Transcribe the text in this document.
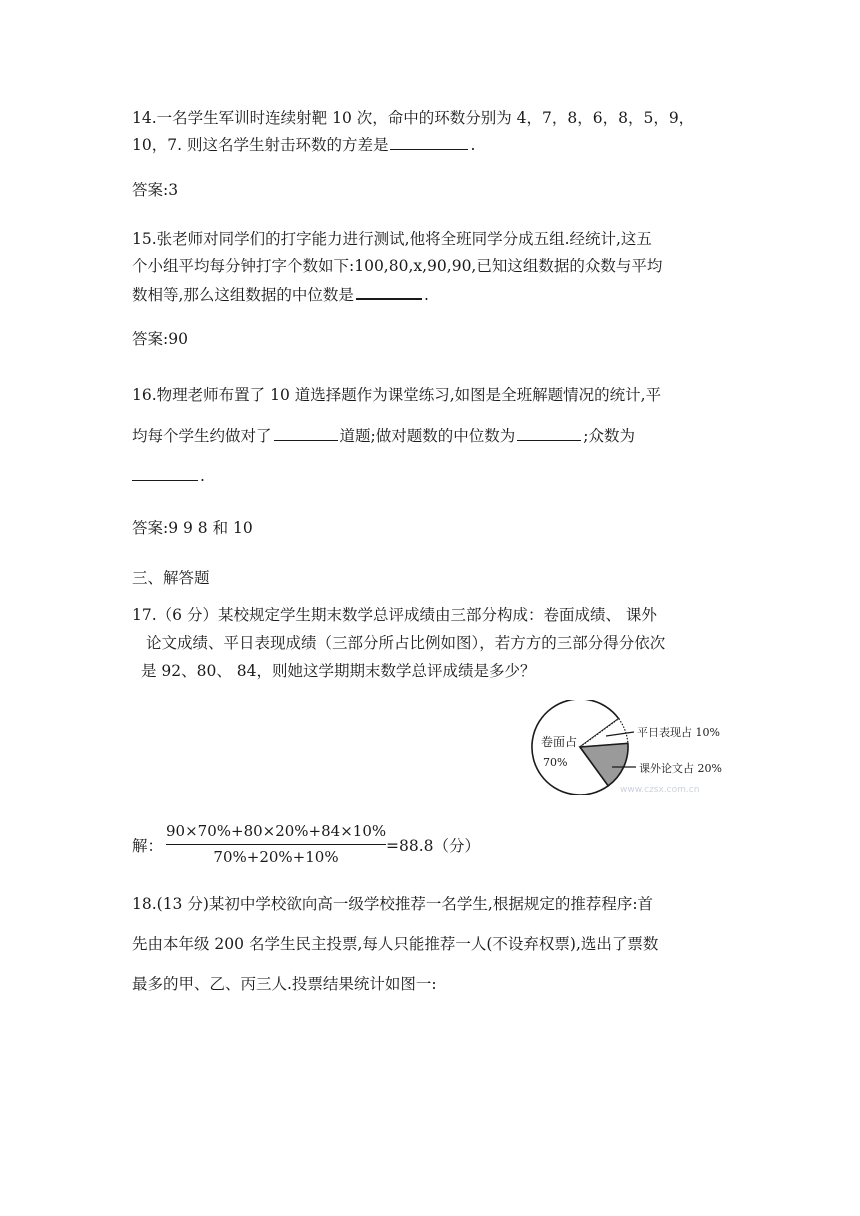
14.一名学生军训时连续射靶 10 次，命中的环数分别为 4，7，8，6，8，5，9，
10，7. 则这名学生射击环数的方差是	.
答案:3
15.张老师对同学们的打字能力进行测试,他将全班同学分成五组.经统计,这五
个小组平均每分钟打字个数如下:100,80,x,90,90,已知这组数据的众数与平均
数相等,那么这组数据的中位数是	.
答案:90
16.物理老师布置了 10 道选择题作为课堂练习,如图是全班解题情况的统计,平
均每个学生约做对了	道题;做对题数的中位数为	;众数为
.
答案:9 9 8 和 10
三、解答题
17.（6 分）某校规定学生期末数学总评成绩由三部分构成：卷面成绩、 课外
论文成绩、平日表现成绩（三部分所占比例如图），若方方的三部分得分依次
是 92、80、 84，则她这学期期末数学总评成绩是多少？
卷面占
70%
平日表现占 10%
课外论文占 20%
www.czsx.com.cn
解：
90×70%+80×20%+84×10%
70%+20%+10%
=88.8（分）
18.(13 分)某初中学校欲向高一级学校推荐一名学生,根据规定的推荐程序:首
先由本年级 200 名学生民主投票,每人只能推荐一人(不设弃权票),选出了票数
最多的甲、乙、丙三人.投票结果统计如图一:
